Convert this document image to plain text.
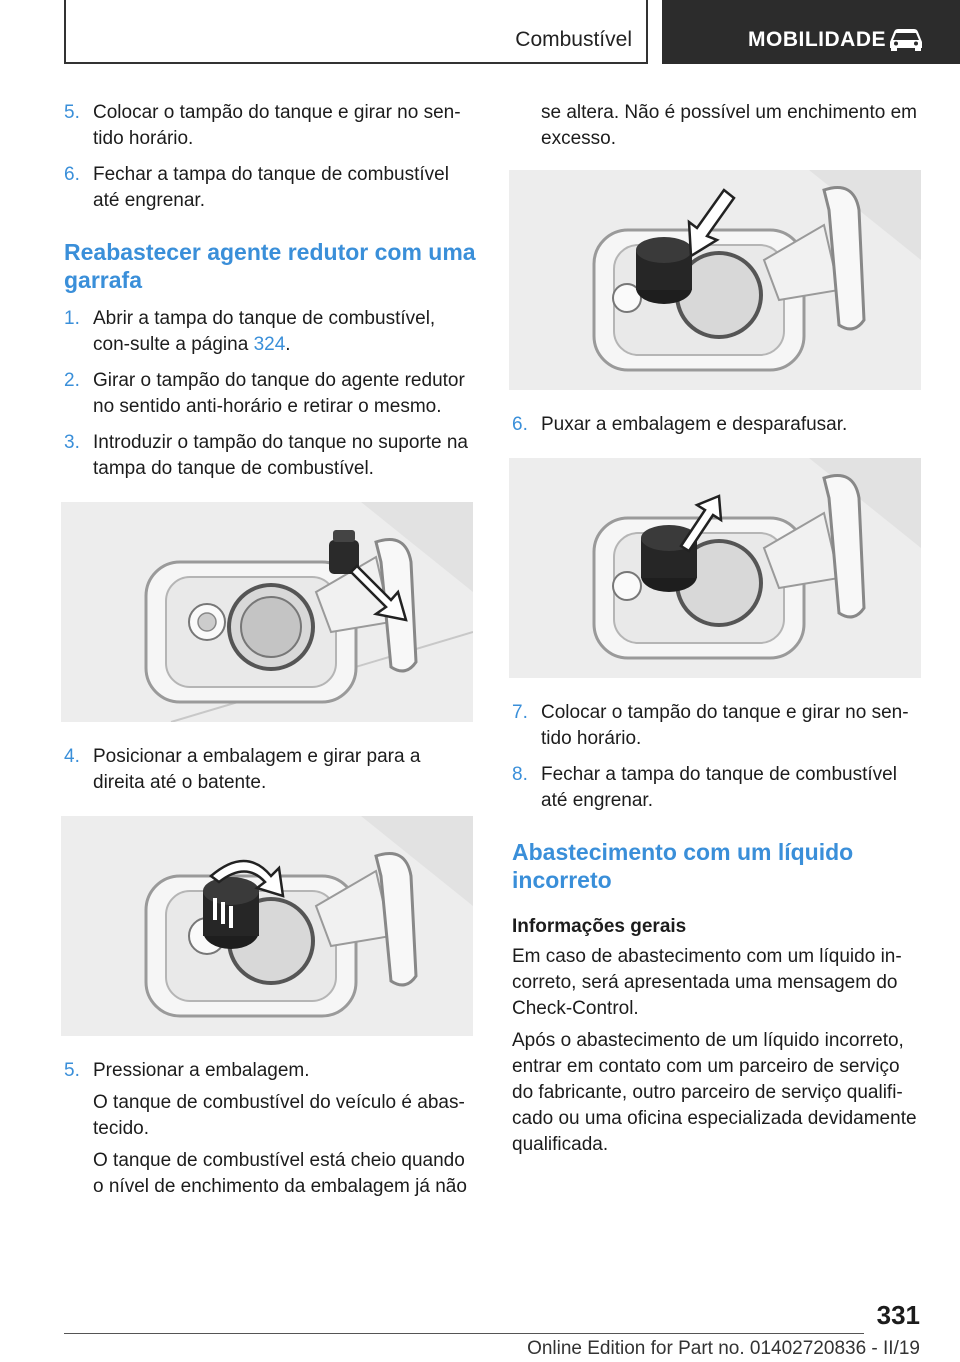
Combustível	MOBILIDADE
5. Colocar o tampão do tanque e girar no sen-tido horário.
6. Fechar a tampa do tanque de combustível até engrenar.
Reabastecer agente redutor com uma garrafa
1. Abrir a tampa do tanque de combustível, con-sulte a página 324.
2. Girar o tampão do tanque do agente redutor no sentido anti-horário e retirar o mesmo.
3. Introduzir o tampão do tanque no suporte na tampa do tanque de combustível.
4. Posicionar a embalagem e girar para a direita até o batente.
5. Pressionar a embalagem.
O tanque de combustível do veículo é abas-tecido.
O tanque de combustível está cheio quando o nível de enchimento da embalagem já não
se altera. Não é possível um enchimento em excesso.
6. Puxar a embalagem e desparafusar.
7. Colocar o tampão do tanque e girar no sen-tido horário.
8. Fechar a tampa do tanque de combustível até engrenar.
Abastecimento com um líquido incorreto
Informações gerais

Em caso de abastecimento com um líquido in-correto, será apresentada uma mensagem do Check-Control.

Após o abastecimento de um líquido incorreto, entrar em contato com um parceiro de serviço do fabricante, outro parceiro de serviço qualifi-cado ou uma oficina especializada devidamente qualificada.

331
Online Edition for Part no. 01402720836 - II/19
